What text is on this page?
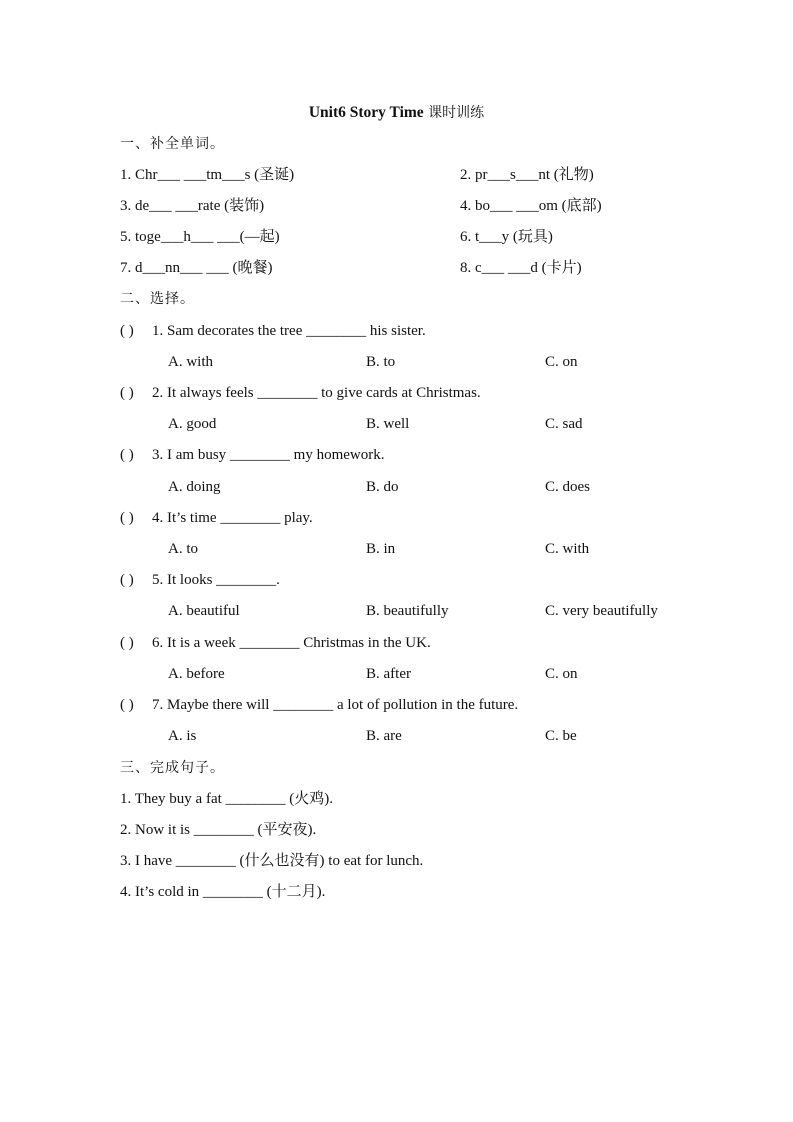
Unit6 Story Time 课时训练
一、补全单词。
1. Chr___ ___tm___s (圣诞)	2. pr___s___nt (礼物)
3. de___ ___rate (装饰)	4. bo___ ___om (底部)
5. toge___h___ ___(—起)	6. t___y (玩具)
7. d___nn___ ___ (晚餐)	8. c___ ___d (卡片)
二、选择。
( ) 1. Sam decorates the tree ________ his sister.
A. with	B. to	C. on
( ) 2. It always feels ________ to give cards at Christmas.
A. good	B. well	C. sad
( ) 3. I am busy ________ my homework.
A. doing	B. do	C. does
( ) 4. It’s time ________ play.
A. to	B. in	C. with
( ) 5. It looks ________.
A. beautiful	B. beautifully	C. very beautifully
( ) 6. It is a week ________ Christmas in the UK.
A. before	B. after	C. on
( ) 7. Maybe there will ________ a lot of pollution in the future.
A. is	B. are	C. be
三、完成句子。
1. They buy a fat ________ (火鸡).
2. Now it is ________ (平安夜).
3. I have ________ (什么也没有) to eat for lunch.
4. It’s cold in ________ (十二月).
